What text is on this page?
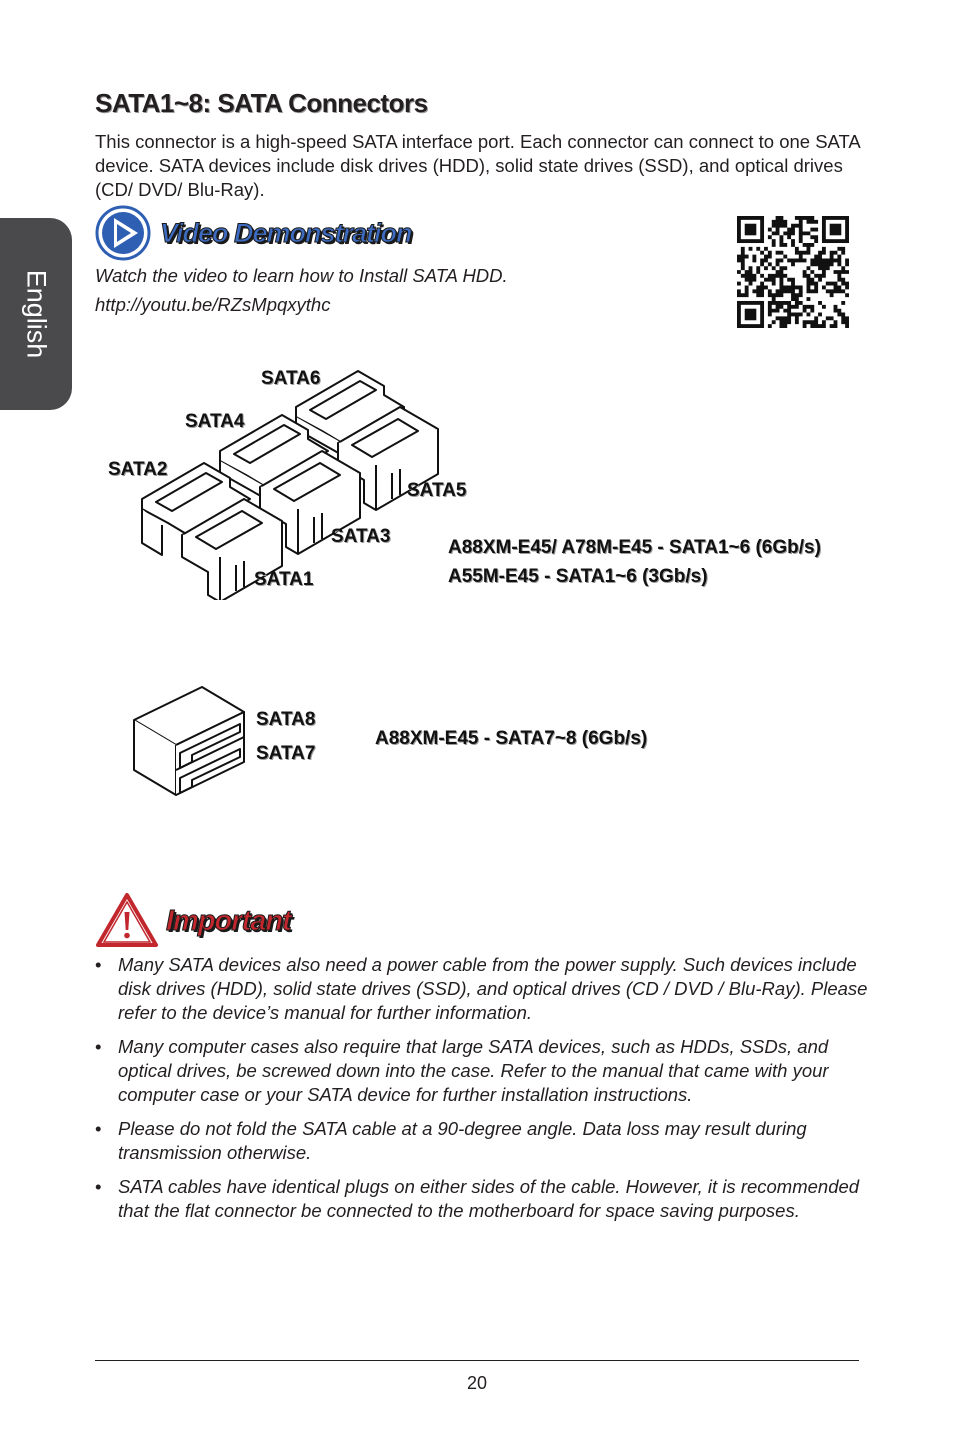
English
SATA1~8: SATA Connectors

This connector is a high-speed SATA interface port. Each connector can connect to one SATA device. SATA devices include disk drives (HDD), solid state drives (SSD), and optical drives (CD/ DVD/ Blu-Ray).

Video Demonstration
Watch the video to learn how to Install SATA HDD.
http://youtu.be/RZsMpqxythc
SATA6
SATA4
SATA2
SATA5
SATA3
SATA1
A88XM-E45/ A78M-E45 - SATA1~6 (6Gb/s)
A55M-E45 - SATA1~6 (3Gb/s)
SATA8
SATA7
A88XM-E45 - SATA7~8 (6Gb/s)
Important
• Many SATA devices also need a power cable from the power supply. Such devices include disk drives (HDD), solid state drives (SSD), and optical drives (CD / DVD / Blu-Ray). Please refer to the device’s manual for further information.
• Many computer cases also require that large SATA devices, such as HDDs, SSDs, and optical drives, be screwed down into the case. Refer to the manual that came with your computer case or your SATA device for further installation instructions.
• Please do not fold the SATA cable at a 90-degree angle. Data loss may result during transmission otherwise.
• SATA cables have identical plugs on either sides of the cable. However, it is recommended that the flat connector be connected to the motherboard for space saving purposes.
20
